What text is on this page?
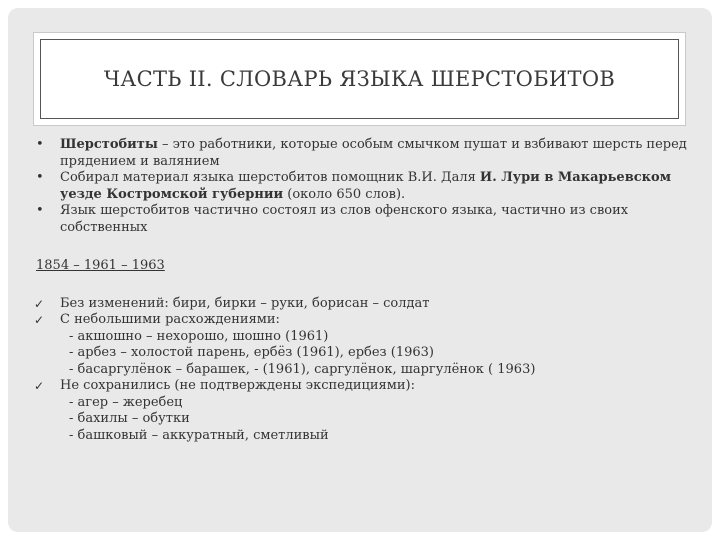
ЧАСТЬ II. СЛОВАРЬ ЯЗЫКА ШЕРСТОБИТОВ
• Шерстобиты – это работники, которые особым смычком пушат и взбивают шерсть перед прядением и валянием
• Собирал материал языка шерстобитов помощник В.И. Даля И. Лури в Макарьевском уезде Костромской губернии (около 650 слов).
• Язык шерстобитов частично состоял из слов офенского языка, частично из своих собственных
1854 – 1961 – 1963
✓ Без изменений: бири, бирки – руки, борисан – солдат
✓ С небольшими расхождениями:
- акшошно – нехорошо, шошно (1961)
- арбез – холостой парень, ербёз (1961), ербез (1963)
- басаргулёнок – барашек, - (1961), саргулёнок, шаргулёнок ( 1963)
✓ Не сохранились (не подтверждены экспедициями):
- агер – жеребец
- бахилы – обутки
- башковый – аккуратный, сметливый
